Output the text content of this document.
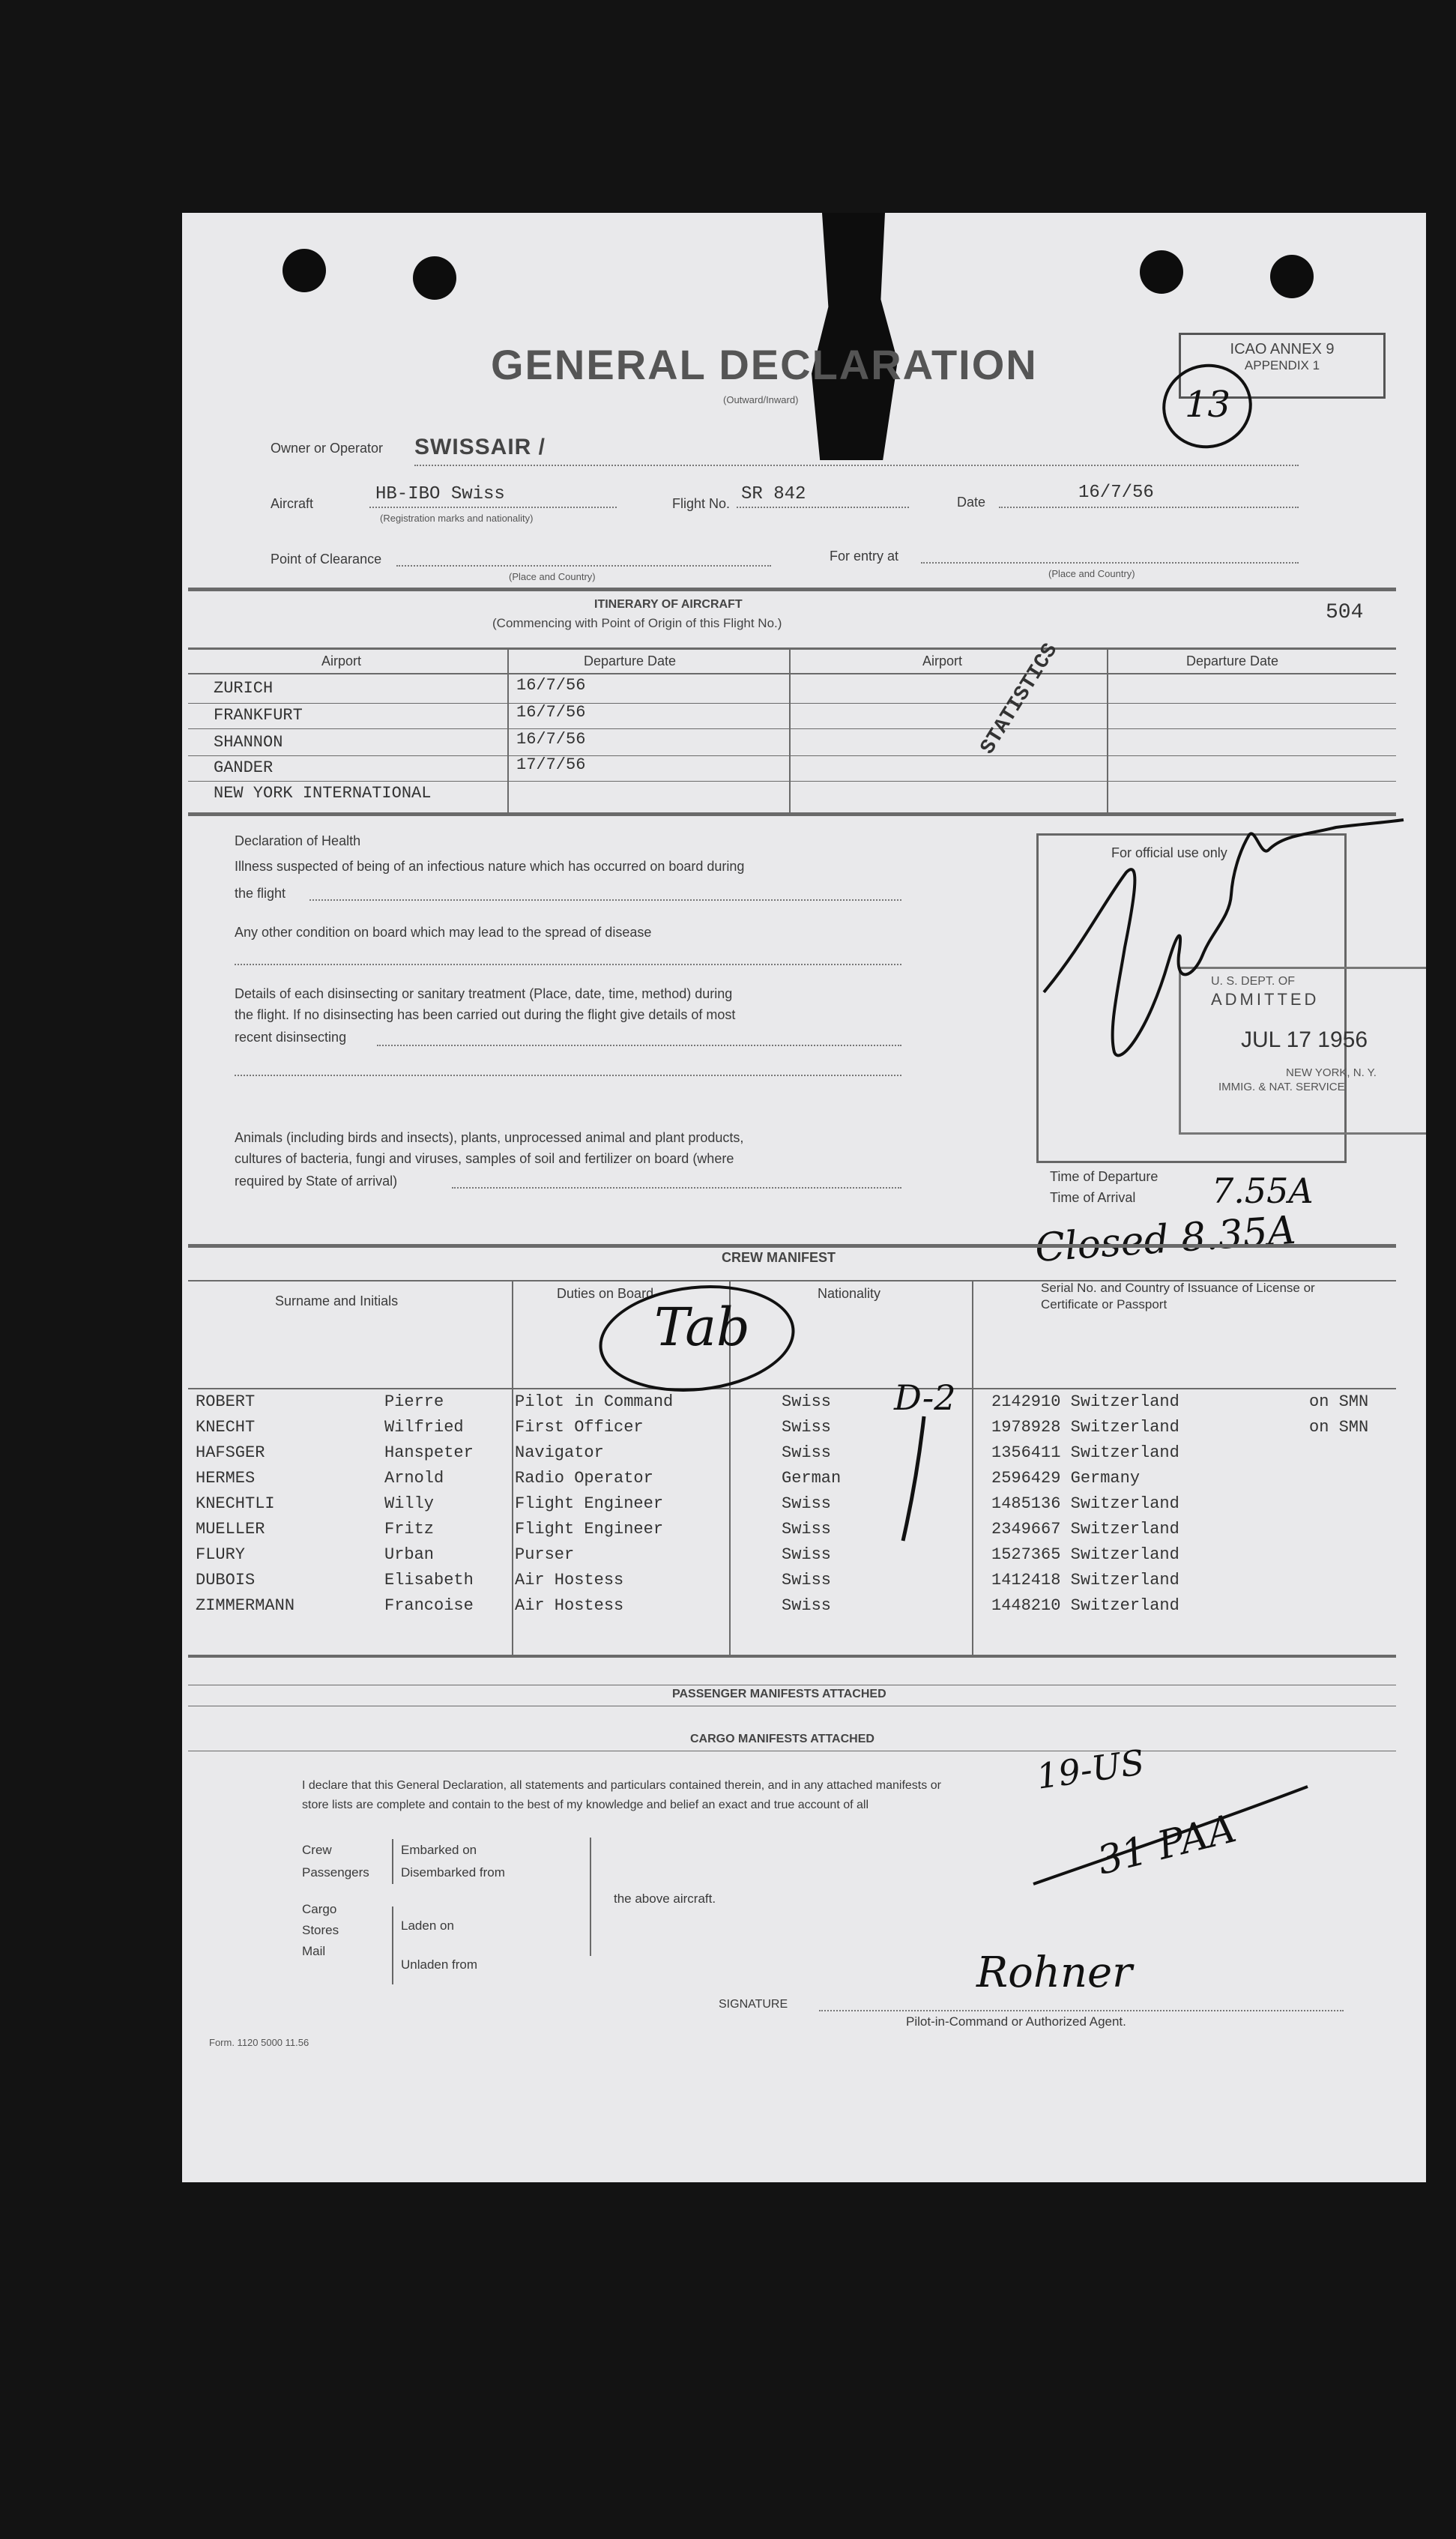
GENERAL DECLARATION
(Outward/Inward)
ICAO ANNEX 9
APPENDIX 1
13
Owner or Operator SWISSAIR /
Aircraft	HB-IBO Swiss
(Registration marks and nationality)
Flight No. SR 842	Date	16/7/56
Point of Clearance
(Place and Country)
For entry at
(Place and Country)
ITINERARY OF AIRCRAFT
(Commencing with Point of Origin of this Flight No.)	504
Airport	Departure Date	Airport	Departure Date
ZURICH	16/7/56
FRANKFURT	16/7/56
SHANNON	16/7/56
GANDER	17/7/56
NEW YORK INTERNATIONAL
STATISTICS
Declaration of Health
Illness suspected of being of an infectious nature which has occurred on board during
the flight
Any other condition on board which may lead to the spread of disease
Details of each disinsecting or sanitary treatment (Place, date, time, method) during
the flight. If no disinsecting has been carried out during the flight give details of most
recent disinsecting
Animals (including birds and insects), plants, unprocessed animal and plant products,
cultures of bacteria, fungi and viruses, samples of soil and fertilizer on board (where
required by State of arrival)
For official use only
Time of Departure
Time of Arrival 7.55A
Closed 8.35A
U. S. DEPT. OF
ADMITTED
JUL 17 1956
NEW YORK, N. Y.
IMMIG. & NAT. SERVICE
CREW MANIFEST
Surname and Initials	Duties on Board	Nationality	Serial No. and Country of Issuance of License or Certificate or Passport
Tab
D-2
ROBERT	Pierre	Pilot in Command	Swiss	2142910 Switzerland	on SMN
KNECHT	Wilfried	First Officer	Swiss	1978928 Switzerland	on SMN
HAFSGER	Hanspeter	Navigator	Swiss	1356411 Switzerland
HERMES	Arnold	Radio Operator	German	2596429 Germany
KNECHTLI	Willy	Flight Engineer	Swiss	1485136 Switzerland
MUELLER	Fritz	Flight Engineer	Swiss	2349667 Switzerland
FLURY	Urban	Purser	Swiss	1527365 Switzerland
DUBOIS	Elisabeth	Air Hostess	Swiss	1412418 Switzerland
ZIMMERMANN	Francoise	Air Hostess	Swiss	1448210 Switzerland
PASSENGER MANIFESTS ATTACHED
CARGO MANIFESTS ATTACHED
I declare that this General Declaration, all statements and particulars contained therein, and in any attached manifests or
store lists are complete and contain to the best of my knowledge and belief an exact and true account of all
Crew
Passengers
Embarked on
Disembarked from
Cargo
Stores
Mail
Laden on
Unladen from
the above aircraft.
19-US
31 PAA
SIGNATURE
Rohner
Pilot-in-Command or Authorized Agent.
Form. 1120 5000 11.56
